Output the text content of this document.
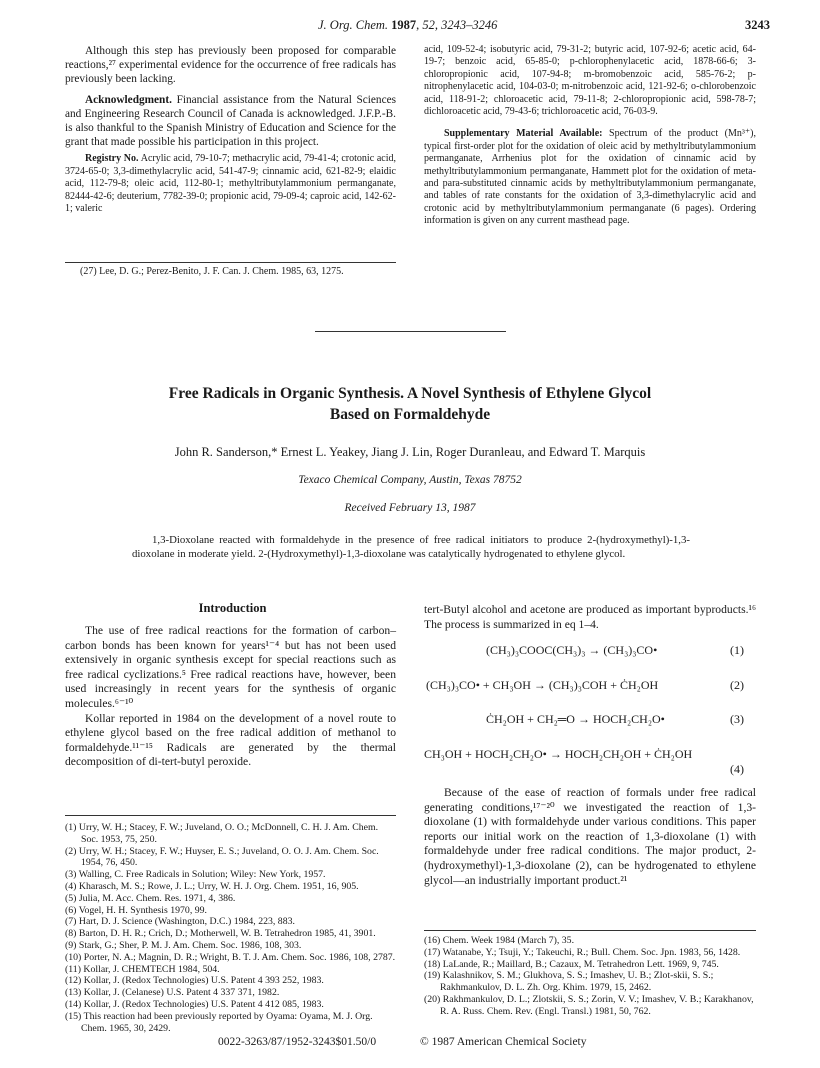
J. Org. Chem. 1987, 52, 3243–3246	3243

Although this step has previously been proposed for comparable reactions,²⁷ experimental evidence for the occurrence of free radicals has previously been lacking.

Acknowledgment. Financial assistance from the Natural Sciences and Engineering Research Council of Canada is acknowledged. J.F.P.-B. is also thankful to the Spanish Ministry of Education and Science for the grant that made possible his participation in this project.

Registry No. Acrylic acid, 79-10-7; methacrylic acid, 79-41-4; crotonic acid, 3724-65-0; 3,3-dimethylacrylic acid, 541-47-9; cinnamic acid, 621-82-9; elaidic acid, 112-79-8; oleic acid, 112-80-1; methyltributylammonium permanganate, 82444-42-6; deuterium, 7782-39-0; propionic acid, 79-09-4; caproic acid, 142-62-1; valeric

(27) Lee, D. G.; Perez-Benito, J. F. Can. J. Chem. 1985, 63, 1275.

acid, 109-52-4; isobutyric acid, 79-31-2; butyric acid, 107-92-6; acetic acid, 64-19-7; benzoic acid, 65-85-0; p-chlorophenylacetic acid, 1878-66-6; 3-chloropropionic acid, 107-94-8; m-bromobenzoic acid, 585-76-2; p-nitrophenylacetic acid, 104-03-0; m-nitrobenzoic acid, 121-92-6; o-chlorobenzoic acid, 118-91-2; chloroacetic acid, 79-11-8; 2-chloropropionic acid, 598-78-7; dichloroacetic acid, 79-43-6; trichloroacetic acid, 76-03-9.

Supplementary Material Available: Spectrum of the product (Mn³⁺), typical first-order plot for the oxidation of oleic acid by methyltributylammonium permanganate, Arrhenius plot for the oxidation of cinnamic acid by methyltributylammonium permanganate, Hammett plot for the oxidation of meta- and para-substituted cinnamic acids by methyltributylammonium permanganate, and tables of rate constants for the oxidation of 3,3-dimethylacrylic acid and crotonic acid by methyltributylammonium permanganate (6 pages). Ordering information is given on any current masthead page.

Free Radicals in Organic Synthesis. A Novel Synthesis of Ethylene Glycol
Based on Formaldehyde
John R. Sanderson,* Ernest L. Yeakey, Jiang J. Lin, Roger Duranleau, and Edward T. Marquis
Texaco Chemical Company, Austin, Texas 78752
Received February 13, 1987

1,3-Dioxolane reacted with formaldehyde in the presence of free radical initiators to produce 2-(hydroxymethyl)-1,3-dioxolane in moderate yield. 2-(Hydroxymethyl)-1,3-dioxolane was catalytically hydrogenated to ethylene glycol.

Introduction

The use of free radical reactions for the formation of carbon–carbon bonds has been known for years¹⁻⁴ but has not been used extensively in organic synthesis except for special reactions such as free radical cyclizations.⁵ Free radical reactions have, however, been used increasingly in recent years for the synthesis of organic molecules.⁶⁻¹⁰

Kollar reported in 1984 on the development of a novel route to ethylene glycol based on the free radical addition of methanol to formaldehyde.¹¹⁻¹⁵ Radicals are generated by the thermal decomposition of di-tert-butyl peroxide.

(1) Urry, W. H.; Stacey, F. W.; Juveland, O. O.; McDonnell, C. H. J. Am. Chem. Soc. 1953, 75, 250.

(2) Urry, W. H.; Stacey, F. W.; Huyser, E. S.; Juveland, O. O. J. Am. Chem. Soc. 1954, 76, 450.

(3) Walling, C. Free Radicals in Solution; Wiley: New York, 1957.

(4) Kharasch, M. S.; Rowe, J. L.; Urry, W. H. J. Org. Chem. 1951, 16, 905.

(5) Julia, M. Acc. Chem. Res. 1971, 4, 386.

(6) Vogel, H. H. Synthesis 1970, 99.

(7) Hart, D. J. Science (Washington, D.C.) 1984, 223, 883.

(8) Barton, D. H. R.; Crich, D.; Motherwell, W. B. Tetrahedron 1985, 41, 3901.

(9) Stark, G.; Sher, P. M. J. Am. Chem. Soc. 1986, 108, 303.

(10) Porter, N. A.; Magnin, D. R.; Wright, B. T. J. Am. Chem. Soc. 1986, 108, 2787.

(11) Kollar, J. CHEMTECH 1984, 504.

(12) Kollar, J. (Redox Technologies) U.S. Patent 4 393 252, 1983.

(13) Kollar, J. (Celanese) U.S. Patent 4 337 371, 1982.

(14) Kollar, J. (Redox Technologies) U.S. Patent 4 412 085, 1983.

(15) This reaction had been previously reported by Oyama: Oyama, M. J. Org. Chem. 1965, 30, 2429.

tert-Butyl alcohol and acetone are produced as important byproducts.¹⁶ The process is summarized in eq 1–4.

(CH₃)₃COOC(CH₃)₃ → (CH₃)₃CO•	(1)
(CH₃)₃CO• + CH₃OH → (CH₃)₃COH + ĊH₂OH	(2)
ĊH₂OH + CH₂═O → HOCH₂CH₂O•	(3)
CH₃OH + HOCH₂CH₂O• → HOCH₂CH₂OH + ĊH₂OH
(4)

Because of the ease of reaction of formals under free radical generating conditions,¹⁷⁻²⁰ we investigated the reaction of 1,3-dioxolane (1) with formaldehyde under various conditions. This paper reports our initial work on the reaction of 1,3-dioxolane (1) with formaldehyde under free radical conditions. The major product, 2-(hydroxymethyl)-1,3-dioxolane (2), can be hydrogenated to ethylene glycol—an industrially important product.²¹

(16) Chem. Week 1984 (March 7), 35.

(17) Watanabe, Y.; Tsuji, Y.; Takeuchi, R.; Bull. Chem. Soc. Jpn. 1983, 56, 1428.

(18) LaLande, R.; Maillard, B.; Cazaux, M. Tetrahedron Lett. 1969, 9, 745.

(19) Kalashnikov, S. M.; Glukhova, S. S.; Imashev, U. B.; Zlot-skii, S. S.; Rakhmankulov, D. L. Zh. Org. Khim. 1979, 15, 2462.

(20) Rakhmankulov, D. L.; Zlotskii, S. S.; Zorin, V. V.; Imashev, V. B.; Karakhanov, R. A. Russ. Chem. Rev. (Engl. Transl.) 1981, 50, 762.

0022-3263/87/1952-3243$01.50/0	© 1987 American Chemical Society
